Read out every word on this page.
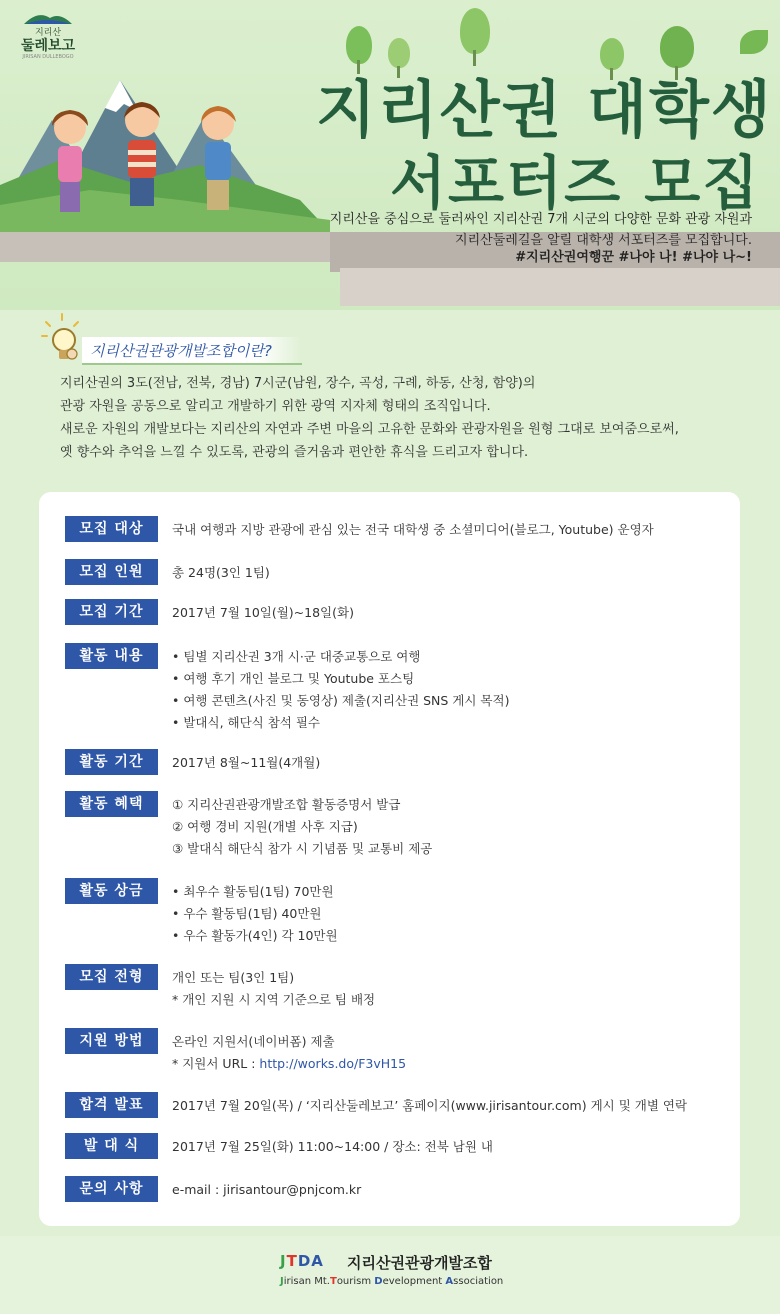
지리산
둘레보고
JIRISAN DULLEBOGO
지리산권 대학생
서포터즈 모집
지리산을 중심으로 둘러싸인 지리산권 7개 시군의 다양한 문화 관광 자원과
지리산둘레길을 알릴 대학생 서포터즈를 모집합니다.
#지리산권여행꾼 #나야 나! #나야 나~!
지리산권관광개발조합이란?
지리산권의 3도(전남, 전북, 경남) 7시군(남원, 장수, 곡성, 구례, 하동, 산청, 함양)의
관광 자원을 공동으로 알리고 개발하기 위한 광역 지자체 형태의 조직입니다.
새로운 자원의 개발보다는 지리산의 자연과 주변 마을의 고유한 문화와 관광자원을 원형 그대로 보여줌으로써,
옛 향수와 추억을 느낄 수 있도록, 관광의 즐거움과 편안한 휴식을 드리고자 합니다.
모집 대상	국내 여행과 지방 관광에 관심 있는 전국 대학생 중 소셜미디어(블로그, Youtube) 운영자
모집 인원	총 24명(3인 1팀)
모집 기간	2017년 7월 10일(월)~18일(화)
활동 내용	• 팀별 지리산권 3개 시·군 대중교통으로 여행
• 여행 후기 개인 블로그 및 Youtube 포스팅
• 여행 콘텐츠(사진 및 동영상) 제출(지리산권 SNS 게시 목적)
• 발대식, 해단식 참석 필수
활동 기간	2017년 8월~11월(4개월)
활동 혜택	① 지리산권관광개발조합 활동증명서 발급
② 여행 경비 지원(개별 사후 지급)
③ 발대식 해단식 참가 시 기념품 및 교통비 제공
활동 상금	• 최우수 활동팀(1팀) 70만원
• 우수 활동팀(1팀) 40만원
• 우수 활동가(4인) 각 10만원
모집 전형	개인 또는 팀(3인 1팀)
* 개인 지원 시 지역 기준으로 팀 배정
지원 방법	온라인 지원서(네이버폼) 제출
* 지원서 URL : http://works.do/F3vH15
합격 발표	2017년 7월 20일(목) / ‘지리산둘레보고’ 홈페이지(www.jirisantour.com) 게시 및 개별 연락
발 대 식	2017년 7월 25일(화) 11:00~14:00 / 장소: 전북 남원 내
문의 사항	e-mail : jirisantour@pnjcom.kr
JTDA 지리산권관광개발조합
Jirisan Mt.Tourism Development Association
